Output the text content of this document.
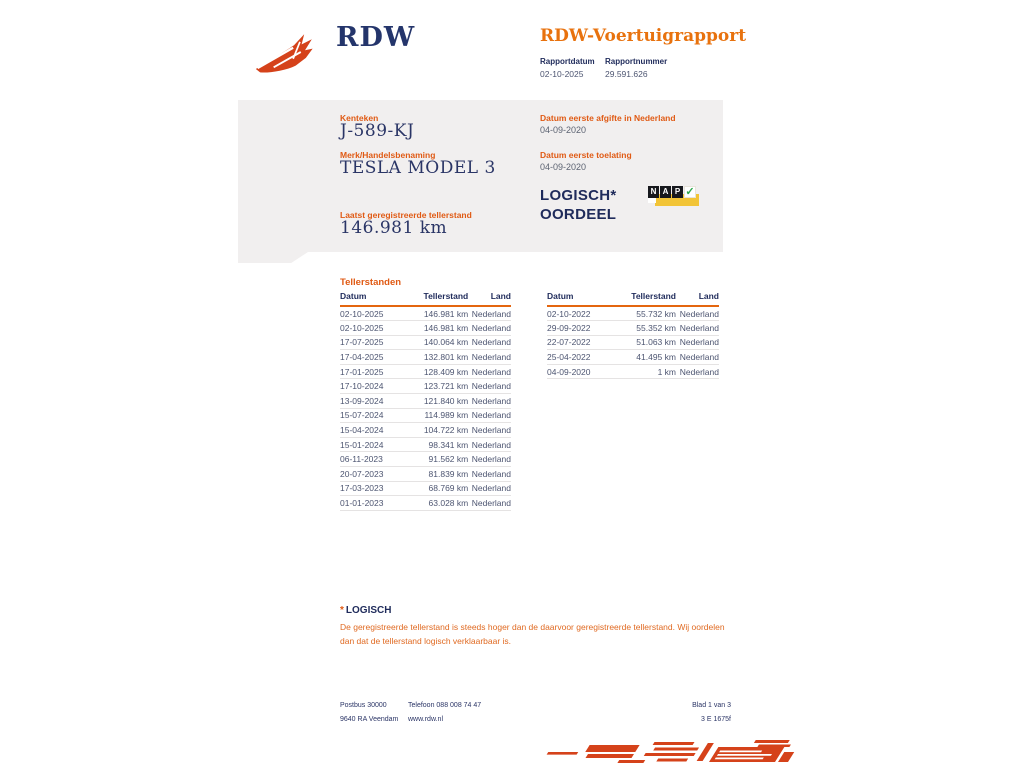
RDW	RDW-Voertuigrapport
Rapportdatum Rapportnummer
02-10-2025	29.591.626
Kenteken
J-589-KJ
Merk/Handelsbenaming
TESLA MODEL 3
Laatst geregistreerde tellerstand
146.981 km
Datum eerste afgifte in Nederland
04-09-2020
Datum eerste toelating
04-09-2020
LOGISCH*
OORDEEL
N A P ✓
Tellerstanden
Datum	Tellerstand	Land
02-10-2025	146.981 km	Nederland
02-10-2025	146.981 km	Nederland
17-07-2025	140.064 km	Nederland
17-04-2025	132.801 km	Nederland
17-01-2025	128.409 km	Nederland
17-10-2024	123.721 km	Nederland
13-09-2024	121.840 km	Nederland
15-07-2024	114.989 km	Nederland
15-04-2024	104.722 km	Nederland
15-01-2024	98.341 km	Nederland
06-11-2023	91.562 km	Nederland
20-07-2023	81.839 km	Nederland
17-03-2023	68.769 km	Nederland
01-01-2023	63.028 km	Nederland
Datum	Tellerstand	Land
02-10-2022	55.732 km	Nederland
29-09-2022	55.352 km	Nederland
22-07-2022	51.063 km	Nederland
25-04-2022	41.495 km	Nederland
04-09-2020	1 km	Nederland
* LOGISCH
De geregistreerde tellerstand is steeds hoger dan de daarvoor geregistreerde tellerstand. Wij oordelen dan dat de tellerstand logisch verklaarbaar is.
Postbus 30000
9640 RA Veendam
Telefoon 088 008 74 47
www.rdw.nl
Blad 1 van 3
3 E 1675f
